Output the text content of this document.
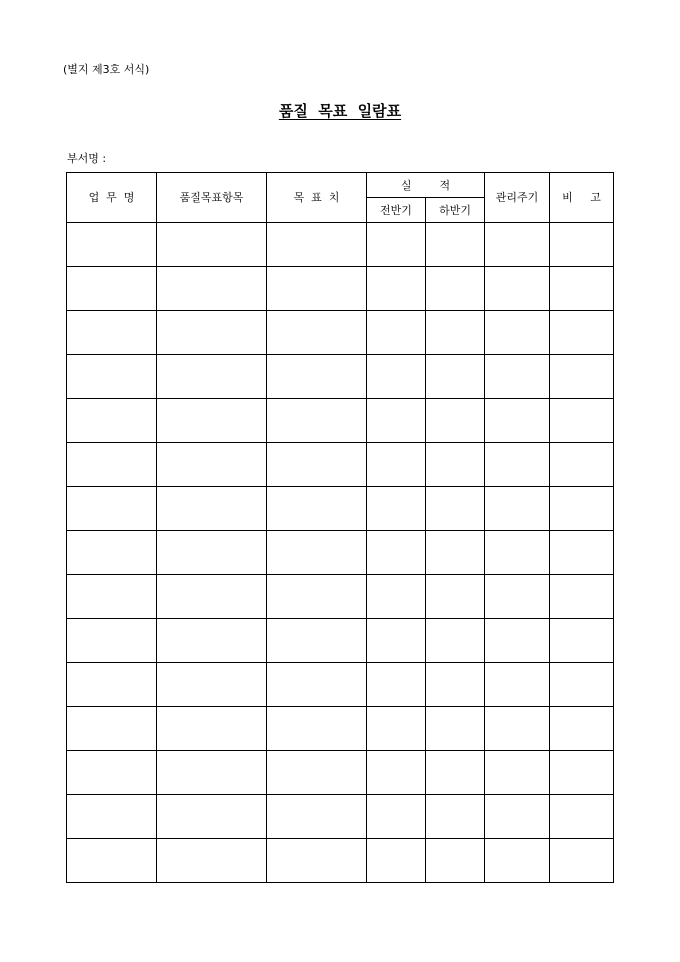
(별지 제3호 서식)
품질  목표  일람표
부서명 :
업  무  명	품질목표항목	목  표  치	실        적		관리주기	비     고
			전반기	하반기		
